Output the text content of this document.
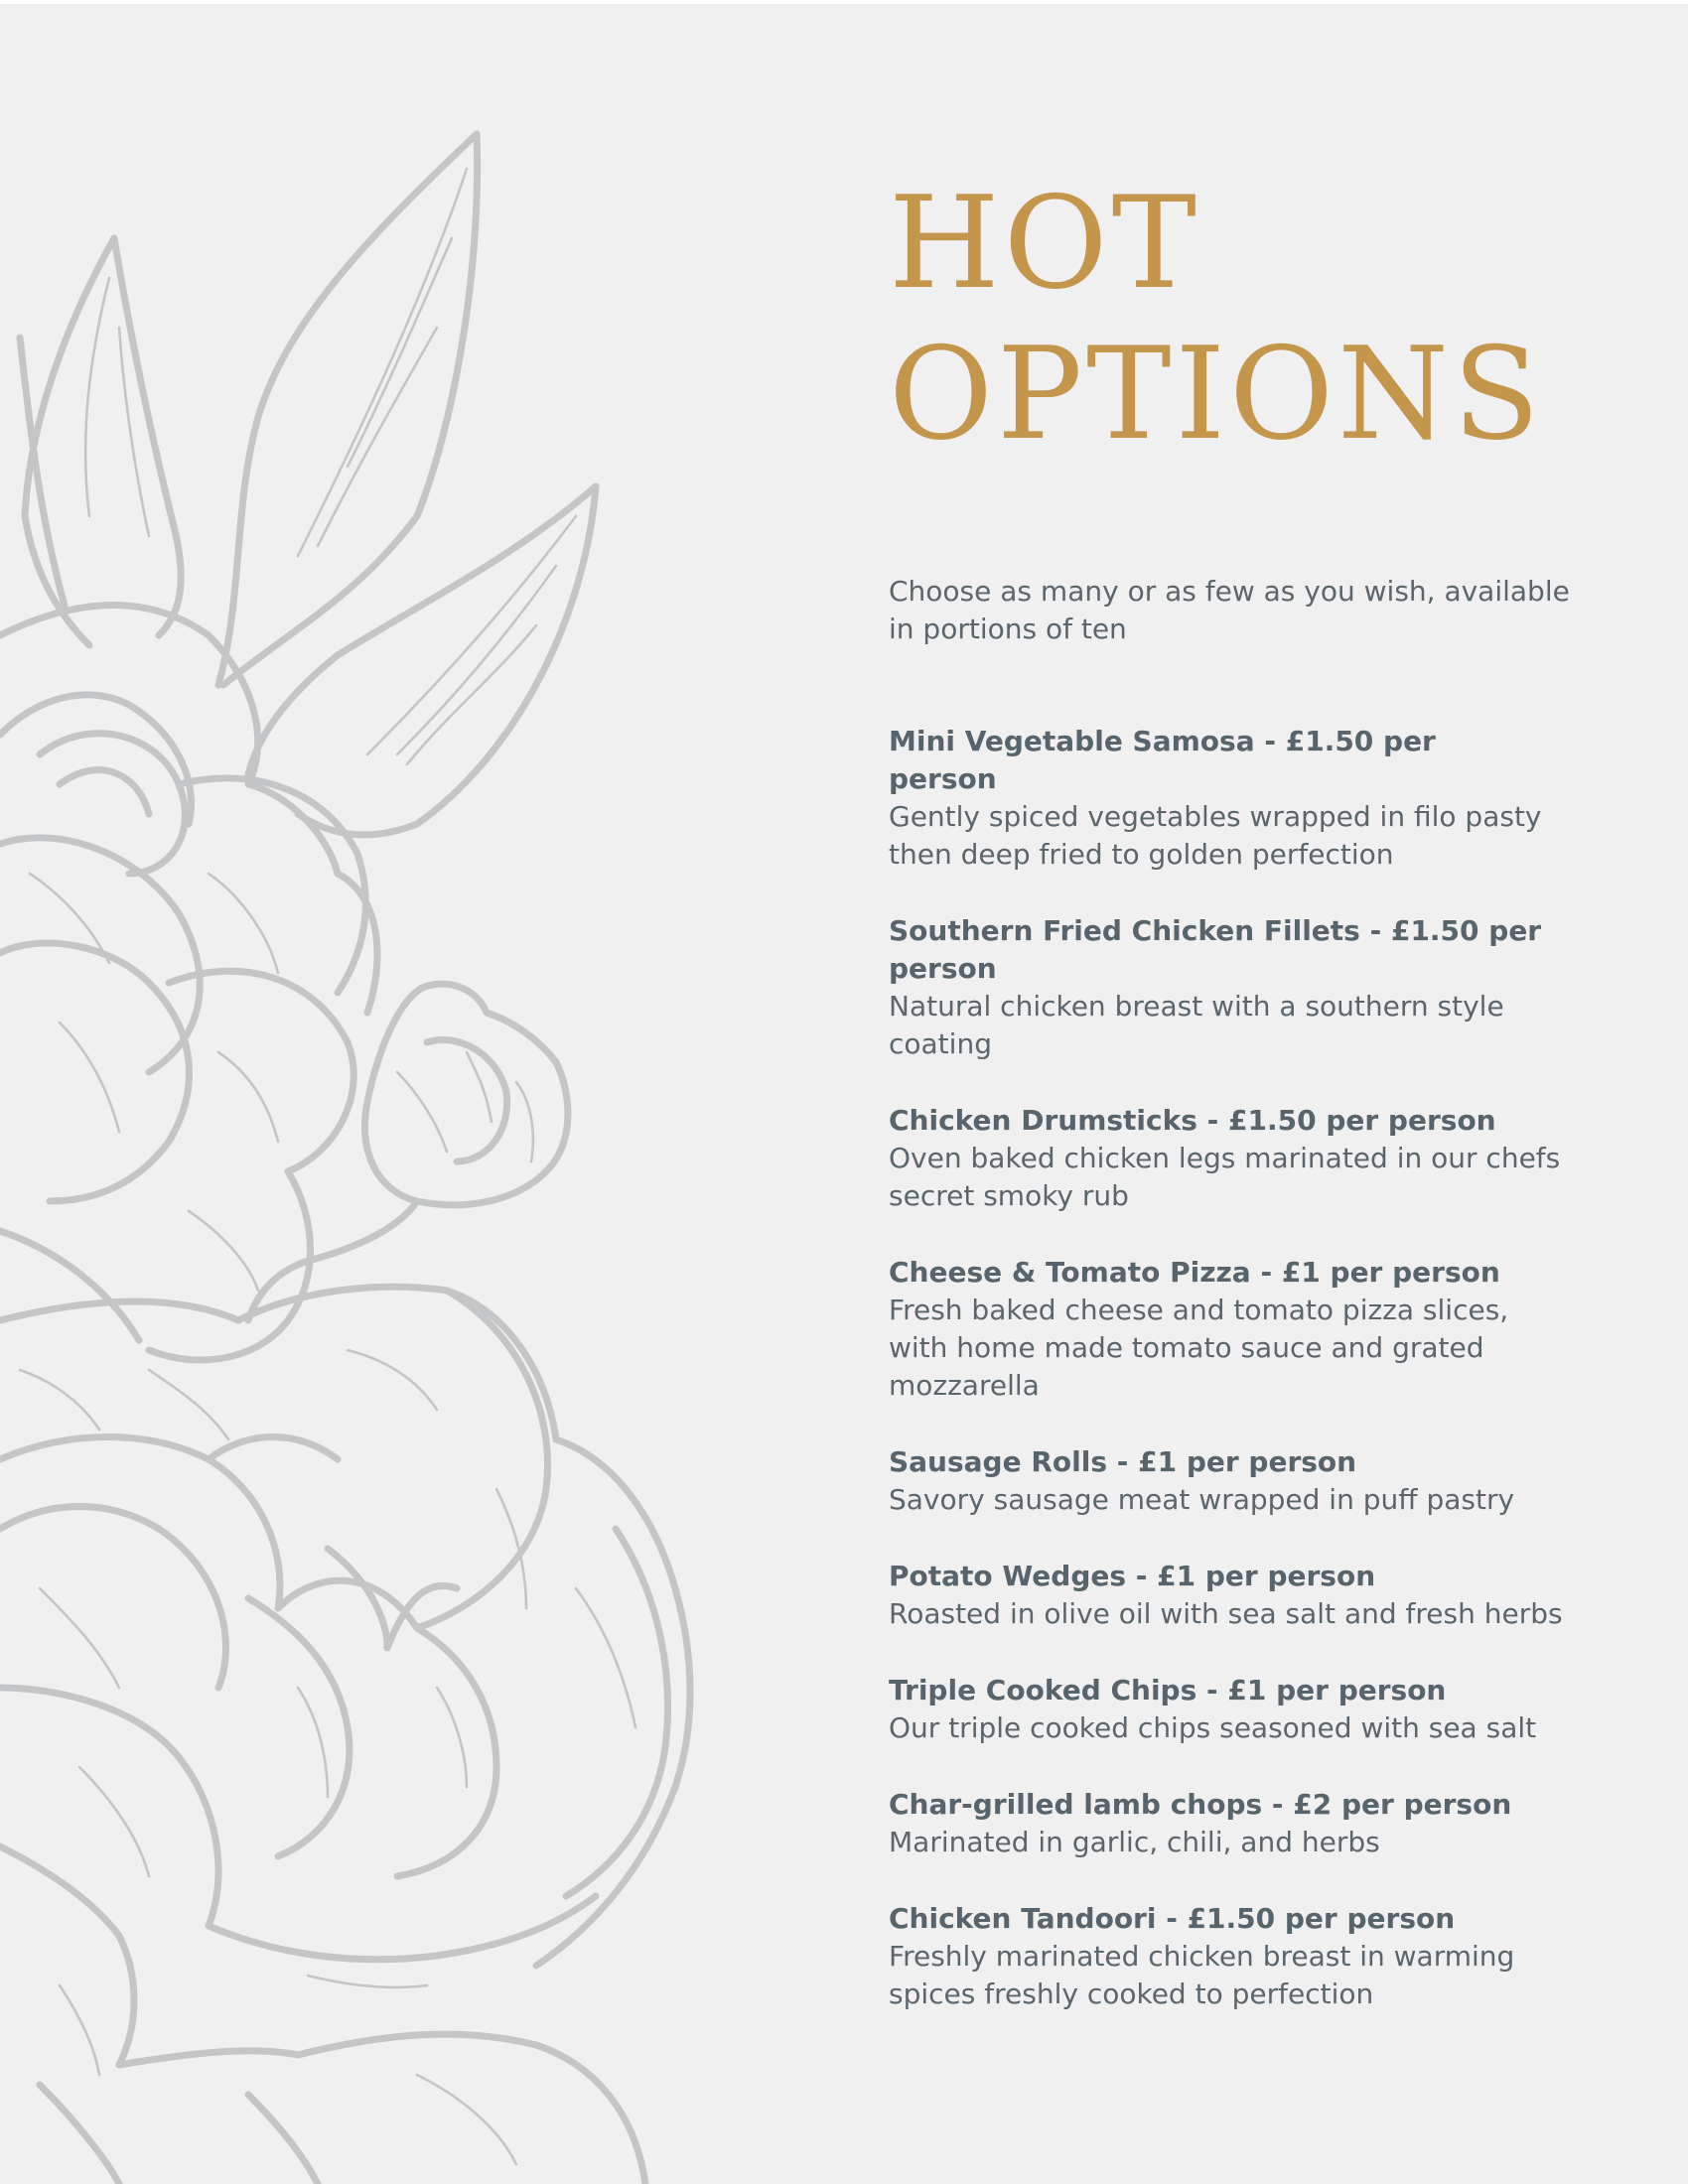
HOT
OPTIONS
Choose as many or as few as you wish, available in portions of ten
Mini Vegetable Samosa - £1.50 per person
Gently spiced vegetables wrapped in filo pasty then deep fried to golden perfection
Southern Fried Chicken Fillets - £1.50 per person
Natural chicken breast with a southern style coating
Chicken Drumsticks - £1.50 per person
Oven baked chicken legs marinated in our chefs secret smoky rub
Cheese & Tomato Pizza - £1 per person
Fresh baked cheese and tomato pizza slices, with home made tomato sauce and grated mozzarella
Sausage Rolls - £1 per person
Savory sausage meat wrapped in puff pastry
Potato Wedges - £1 per person
Roasted in olive oil with sea salt and fresh herbs
Triple Cooked Chips - £1 per person
Our triple cooked chips seasoned with sea salt
Char-grilled lamb chops - £2 per person
Marinated in garlic, chili, and herbs
Chicken Tandoori - £1.50 per person
Freshly marinated chicken breast in warming spices freshly cooked to perfection
